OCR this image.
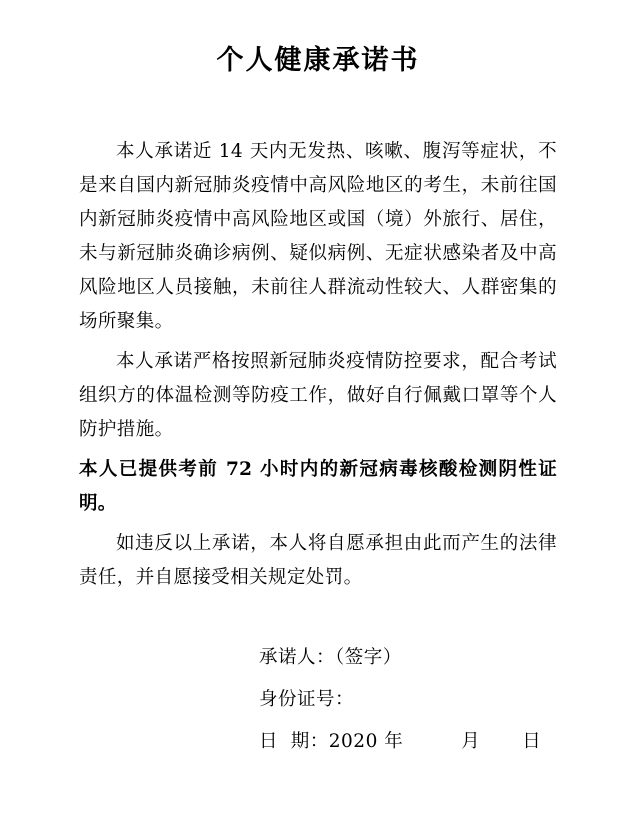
个人健康承诺书

本人承诺近 14 天内无发热、咳嗽、腹泻等症状，不是来自国内新冠肺炎疫情中高风险地区的考生，未前往国内新冠肺炎疫情中高风险地区或国（境）外旅行、居住，未与新冠肺炎确诊病例、疑似病例、无症状感染者及中高风险地区人员接触，未前往人群流动性较大、人群密集的场所聚集。

本人承诺严格按照新冠肺炎疫情防控要求，配合考试组织方的体温检测等防疫工作，做好自行佩戴口罩等个人防护措施。

本人已提供考前 72 小时内的新冠病毒核酸检测阴性证明。

如违反以上承诺，本人将自愿承担由此而产生的法律责任，并自愿接受相关规定处罚。

承诺人：（签字）

身份证号：

日  期：2020 年	月 日
